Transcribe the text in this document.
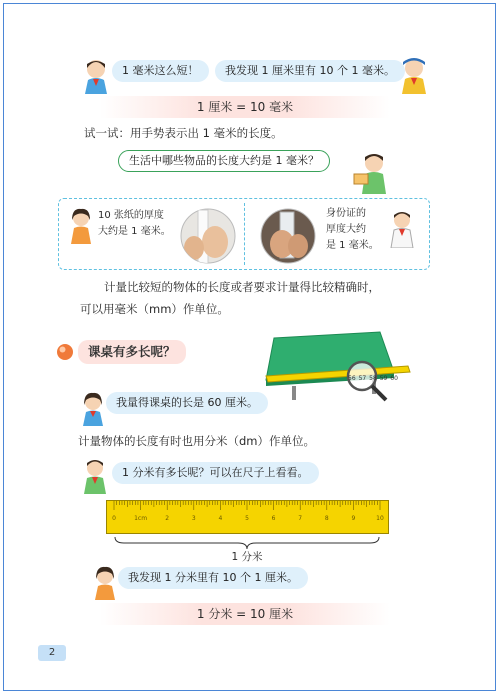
1 毫米这么短！	我发现 1 厘米里有 10 个 1 毫米。
1 厘米 = 10 毫米
试一试：用手势表示出 1 毫米的长度。
生活中哪些物品的长度大约是 1 毫米？
10 张纸的厚度
大约是 1 毫米。
身份证的
厚度大约
是 1 毫米。
计量比较短的物体的长度或者要求计量得比较精确时，
可以用毫米（mm）作单位。
课桌有多长呢？
56 57 58 59 60
我量得课桌的长是 60 厘米。
计量物体的长度有时也用分米（dm）作单位。
1 分米有多长呢？可以在尺子上看看。
0	1cm	2	3	4	5	6	7	8	9	10
1 分米
我发现 1 分米里有 10 个 1 厘米。
1 分米 = 10 厘米
2
